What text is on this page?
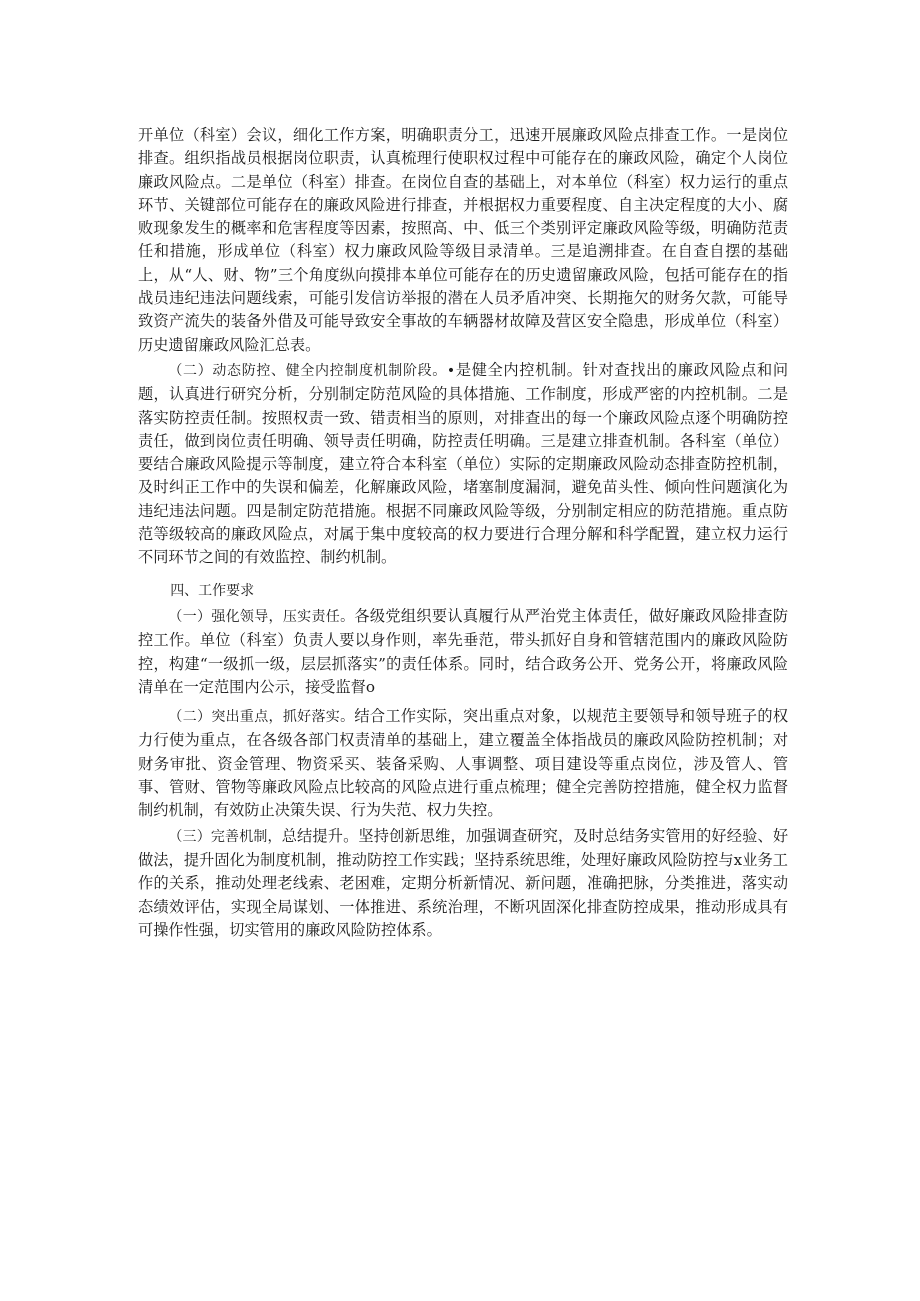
开单位（科室）会议，细化工作方案，明确职责分工，迅速开展廉政风险点排查工作。一是岗位排查。组织指战员根据岗位职责，认真梳理行使职权过程中可能存在的廉政风险，确定个人岗位廉政风险点。二是单位（科室）排查。在岗位自查的基础上，对本单位（科室）权力运行的重点环节、关键部位可能存在的廉政风险进行排查，并根据权力重要程度、自主决定程度的大小、腐败现象发生的概率和危害程度等因素，按照高、中、低三个类别评定廉政风险等级，明确防范责任和措施，形成单位（科室）权力廉政风险等级目录清单。三是追溯排查。在自查自摆的基础上，从“人、财、物”三个角度纵向摸排本单位可能存在的历史遗留廉政风险，包括可能存在的指战员违纪违法问题线索，可能引发信访举报的潜在人员矛盾冲突、长期拖欠的财务欠款，可能导致资产流失的装备外借及可能导致安全事故的车辆器材故障及营区安全隐患，形成单位（科室）历史遗留廉政风险汇总表。

（二）动态防控、健全内控制度机制阶段。•是健全内控机制。针对查找出的廉政风险点和问题，认真进行研究分析，分别制定防范风险的具体措施、工作制度，形成严密的内控机制。二是落实防控责任制。按照权责一致、错责相当的原则，对排查出的每一个廉政风险点逐个明确防控责任，做到岗位责任明确、领导责任明确，防控责任明确。三是建立排查机制。各科室（单位）要结合廉政风险提示等制度，建立符合本科室（单位）实际的定期廉政风险动态排查防控机制，及时纠正工作中的失误和偏差，化解廉政风险，堵塞制度漏洞，避免苗头性、倾向性问题演化为违纪违法问题。四是制定防范措施。根据不同廉政风险等级，分别制定相应的防范措施。重点防范等级较高的廉政风险点，对属于集中度较高的权力要进行合理分解和科学配置，建立权力运行不同环节之间的有效监控、制约机制。

四、工作要求

（一）强化领导，压实责任。各级党组织要认真履行从严治党主体责任，做好廉政风险排查防控工作。单位（科室）负责人要以身作则，率先垂范，带头抓好自身和管辖范围内的廉政风险防控，构建“一级抓一级，层层抓落实”的责任体系。同时，结合政务公开、党务公开，将廉政风险清单在一定范围内公示，接受监督o

（二）突出重点，抓好落实。结合工作实际，突出重点对象，以规范主要领导和领导班子的权力行使为重点，在各级各部门权责清单的基础上，建立覆盖全体指战员的廉政风险防控机制；对财务审批、资金管理、物资采买、装备采购、人事调整、项目建设等重点岗位，涉及管人、管事、管财、管物等廉政风险点比较高的风险点进行重点梳理；健全完善防控措施，健全权力监督制约机制，有效防止决策失误、行为失范、权力失控。

（三）完善机制，总结提升。坚持创新思维，加强调查研究，及时总结务实管用的好经验、好做法，提升固化为制度机制，推动防控工作实践；坚持系统思维，处理好廉政风险防控与x业务工作的关系，推动处理老线索、老困难，定期分析新情况、新问题，准确把脉，分类推进，落实动态绩效评估，实现全局谋划、一体推进、系统治理，不断巩固深化排查防控成果，推动形成具有可操作性强，切实管用的廉政风险防控体系。
